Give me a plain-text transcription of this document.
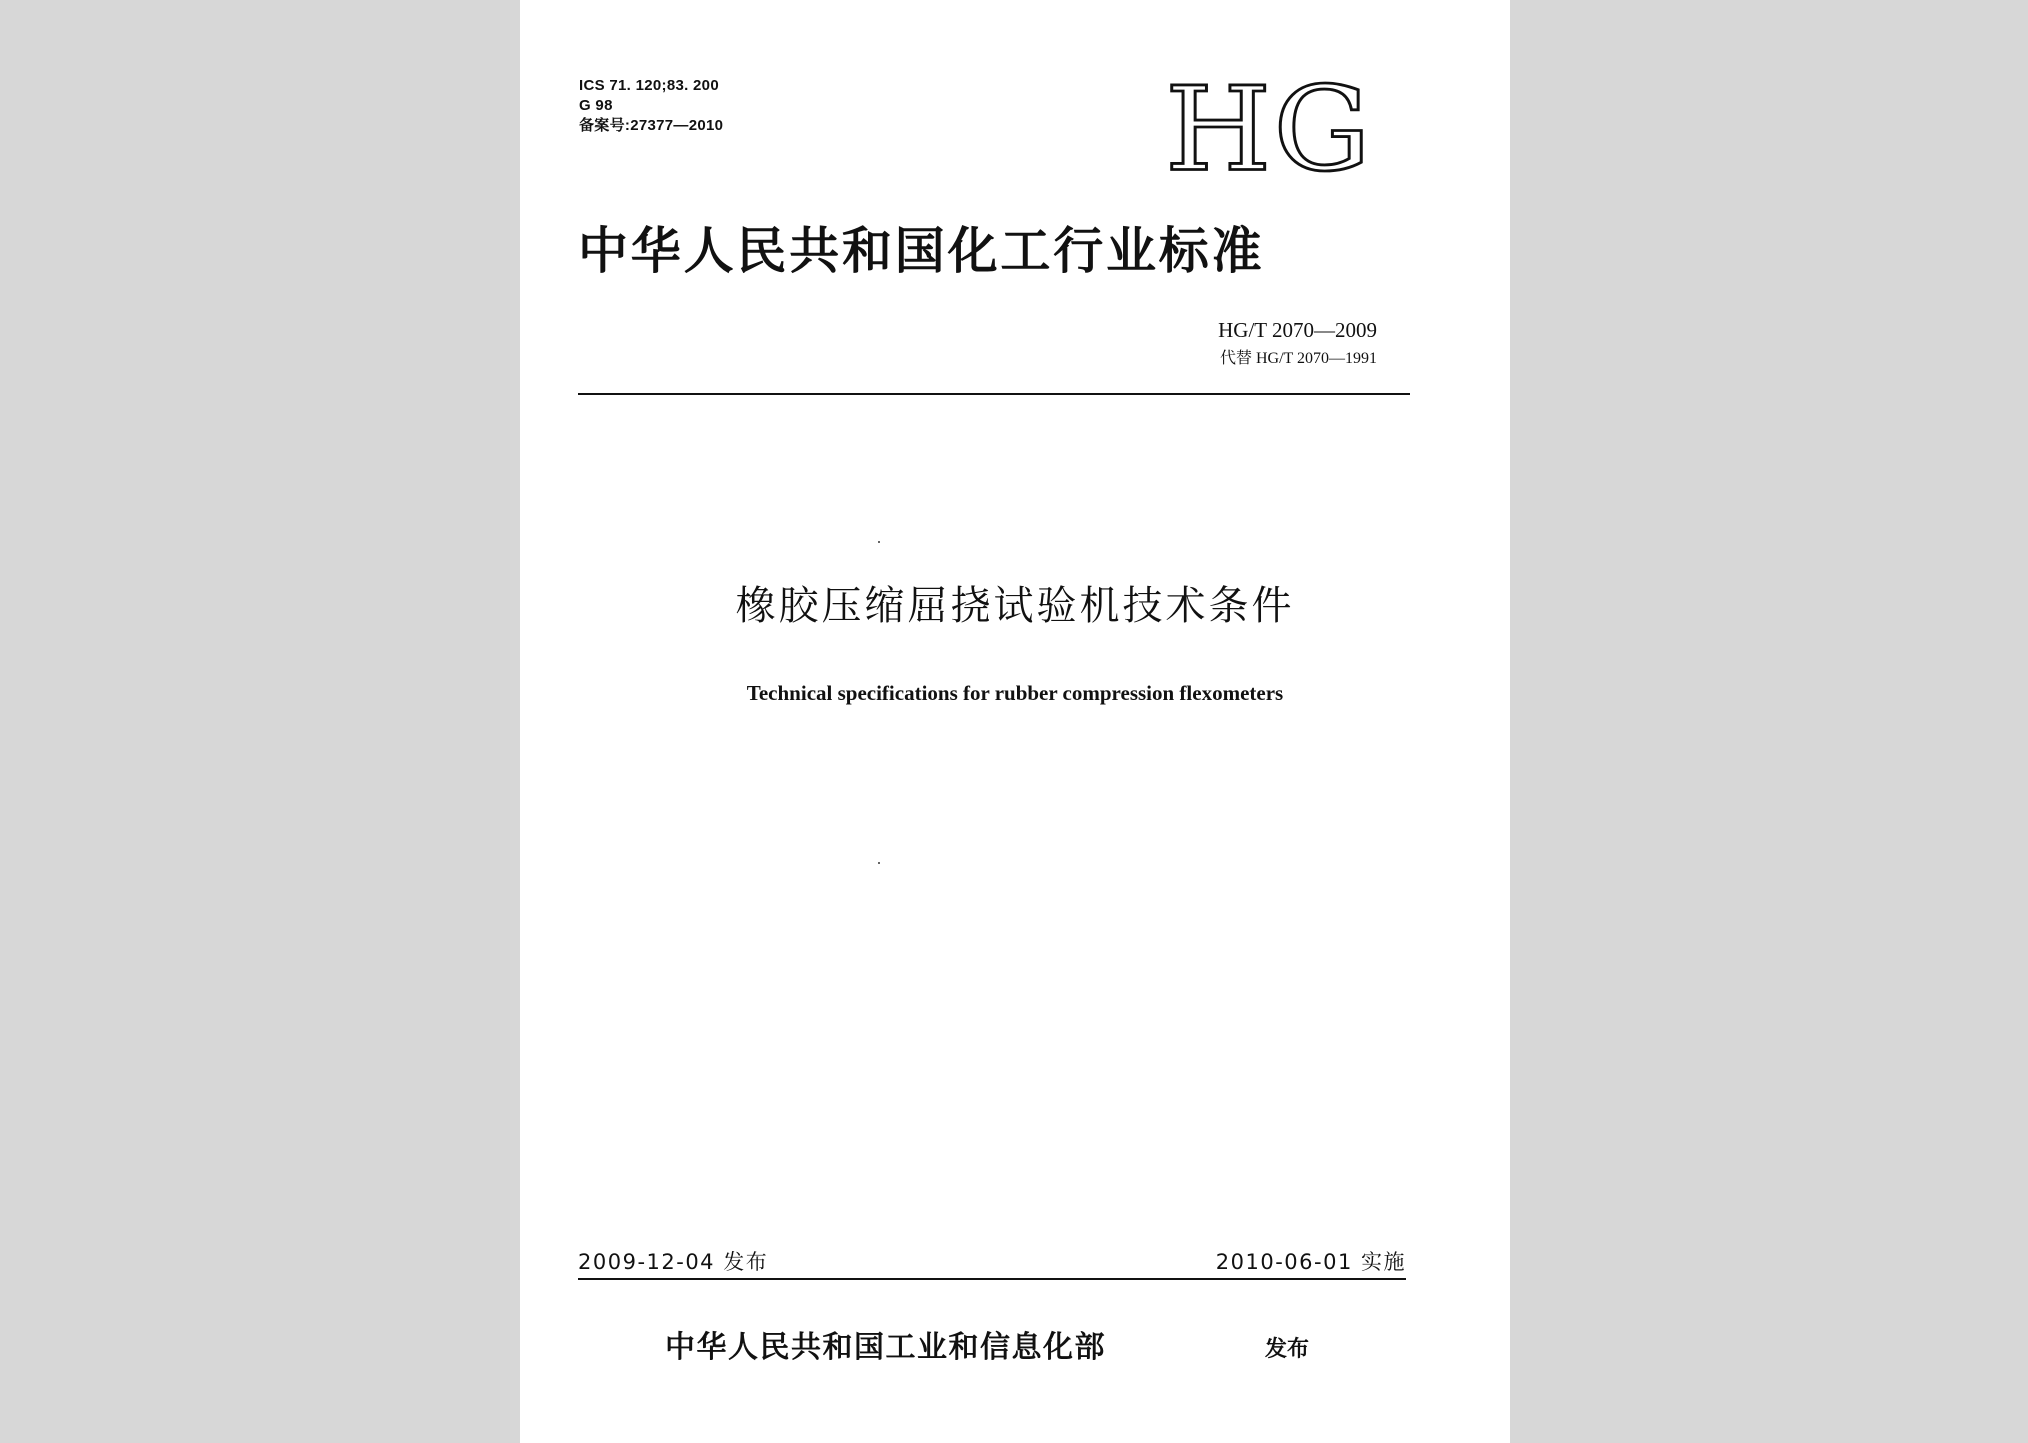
ICS 71. 120;83. 200
G 98
备案号:27377—2010	HG
中华人民共和国化工行业标准
HG/T 2070—2009
代替 HG/T 2070—1991
橡胶压缩屈挠试验机技术条件
Technical specifications for rubber compression flexometers
2009-12-04 发布	2010-06-01 实施
中华人民共和国工业和信息化部	发布
